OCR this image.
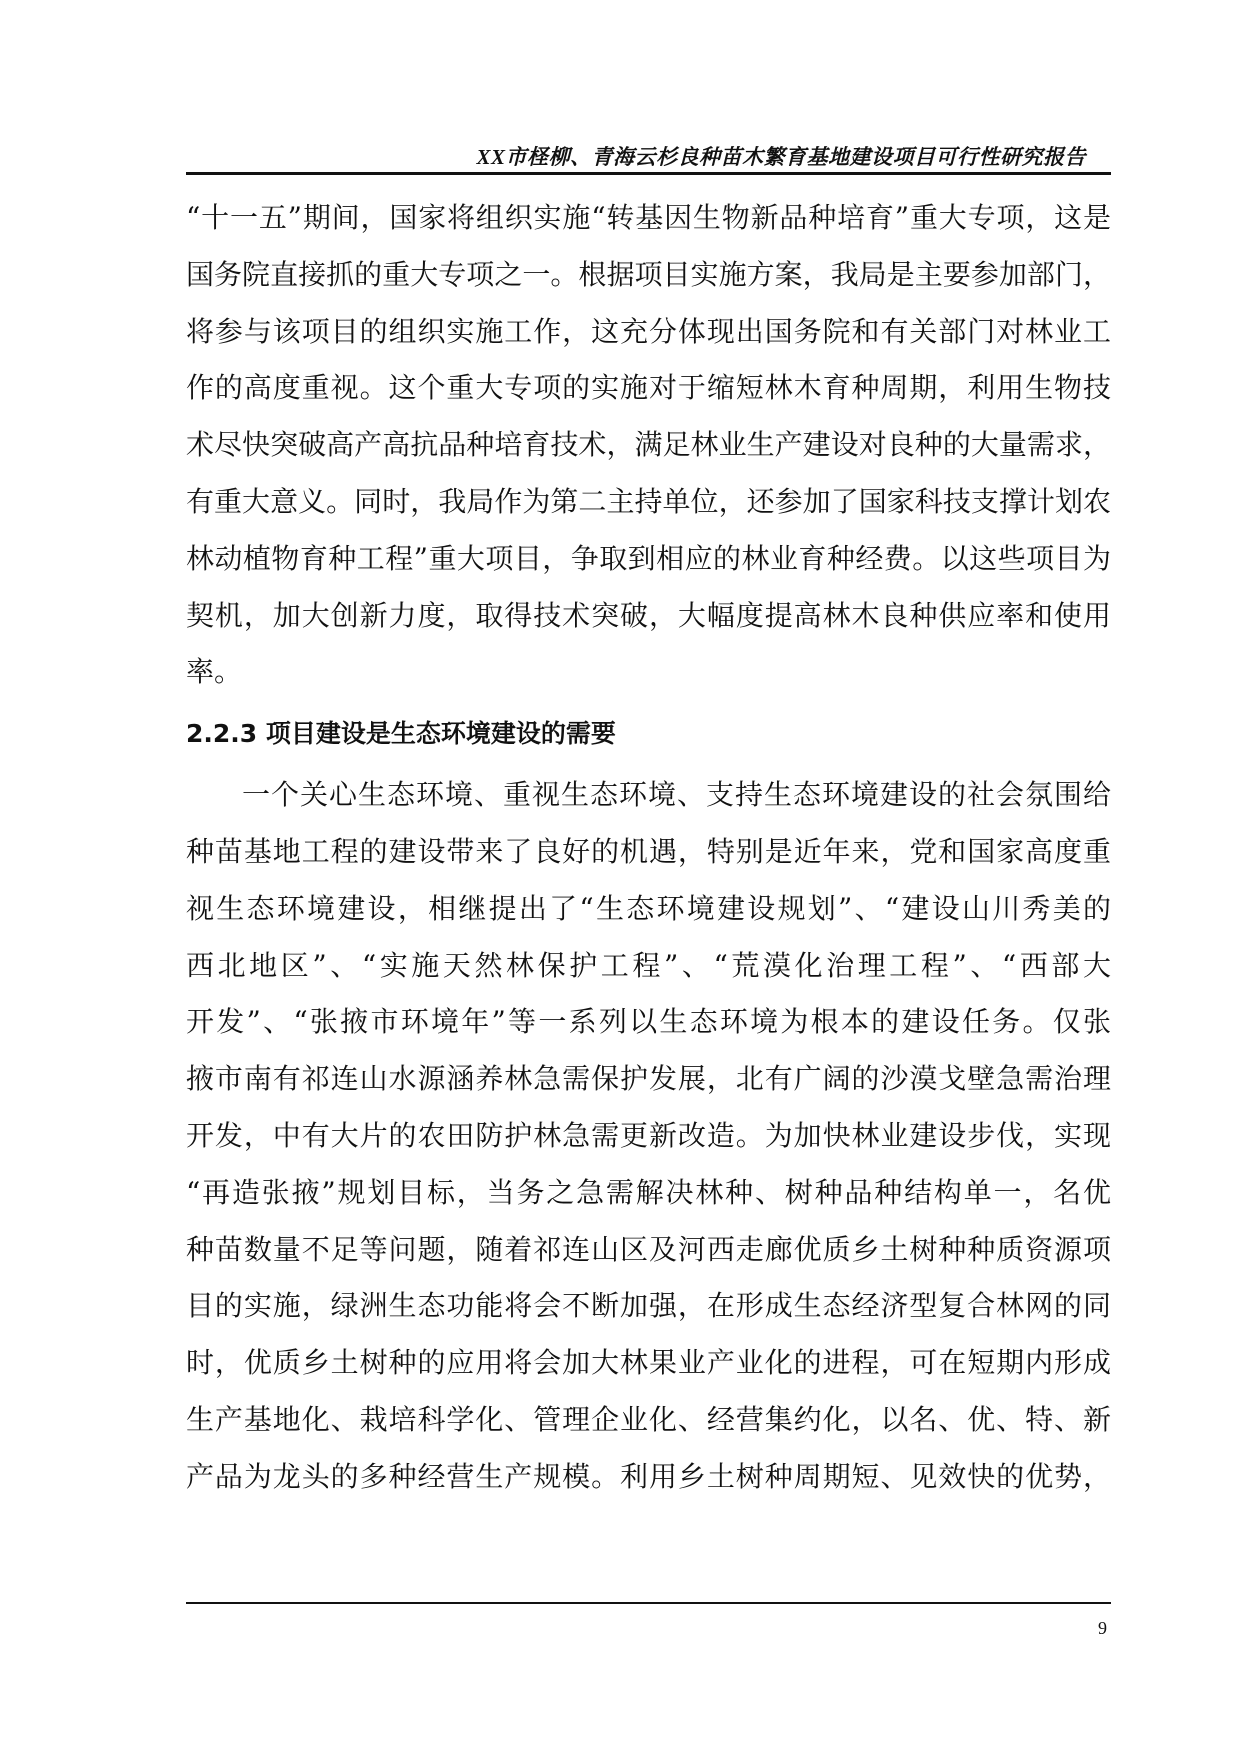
XX市柽柳、青海云杉良种苗木繁育基地建设项目可行性研究报告

“十一五”期间，国家将组织实施“转基因生物新品种培育”重大专项，这是
国务院直接抓的重大专项之一。根据项目实施方案，我局是主要参加部门，
将参与该项目的组织实施工作，这充分体现出国务院和有关部门对林业工
作的高度重视。这个重大专项的实施对于缩短林木育种周期，利用生物技
术尽快突破高产高抗品种培育技术，满足林业生产建设对良种的大量需求，
有重大意义。同时，我局作为第二主持单位，还参加了国家科技支撑计划农
林动植物育种工程”重大项目，争取到相应的林业育种经费。以这些项目为
契机，加大创新力度，取得技术突破，大幅度提高林木良种供应率和使用
率。

2.2.3 项目建设是生态环境建设的需要

一个关心生态环境、重视生态环境、支持生态环境建设的社会氛围给
种苗基地工程的建设带来了良好的机遇，特别是近年来，党和国家高度重
视生态环境建设，相继提出了“生态环境建设规划”、“建设山川秀美的
西北地区”、“实施天然林保护工程”、“荒漠化治理工程”、“西部大
开发”、“张掖市环境年”等一系列以生态环境为根本的建设任务。仅张
掖市南有祁连山水源涵养林急需保护发展，北有广阔的沙漠戈壁急需治理
开发，中有大片的农田防护林急需更新改造。为加快林业建设步伐，实现
“再造张掖”规划目标，当务之急需解决林种、树种品种结构单一，名优
种苗数量不足等问题，随着祁连山区及河西走廊优质乡土树种种质资源项
目的实施，绿洲生态功能将会不断加强，在形成生态经济型复合林网的同
时，优质乡土树种的应用将会加大林果业产业化的进程，可在短期内形成
生产基地化、栽培科学化、管理企业化、经营集约化，以名、优、特、新
产品为龙头的多种经营生产规模。利用乡土树种周期短、见效快的优势，

9
